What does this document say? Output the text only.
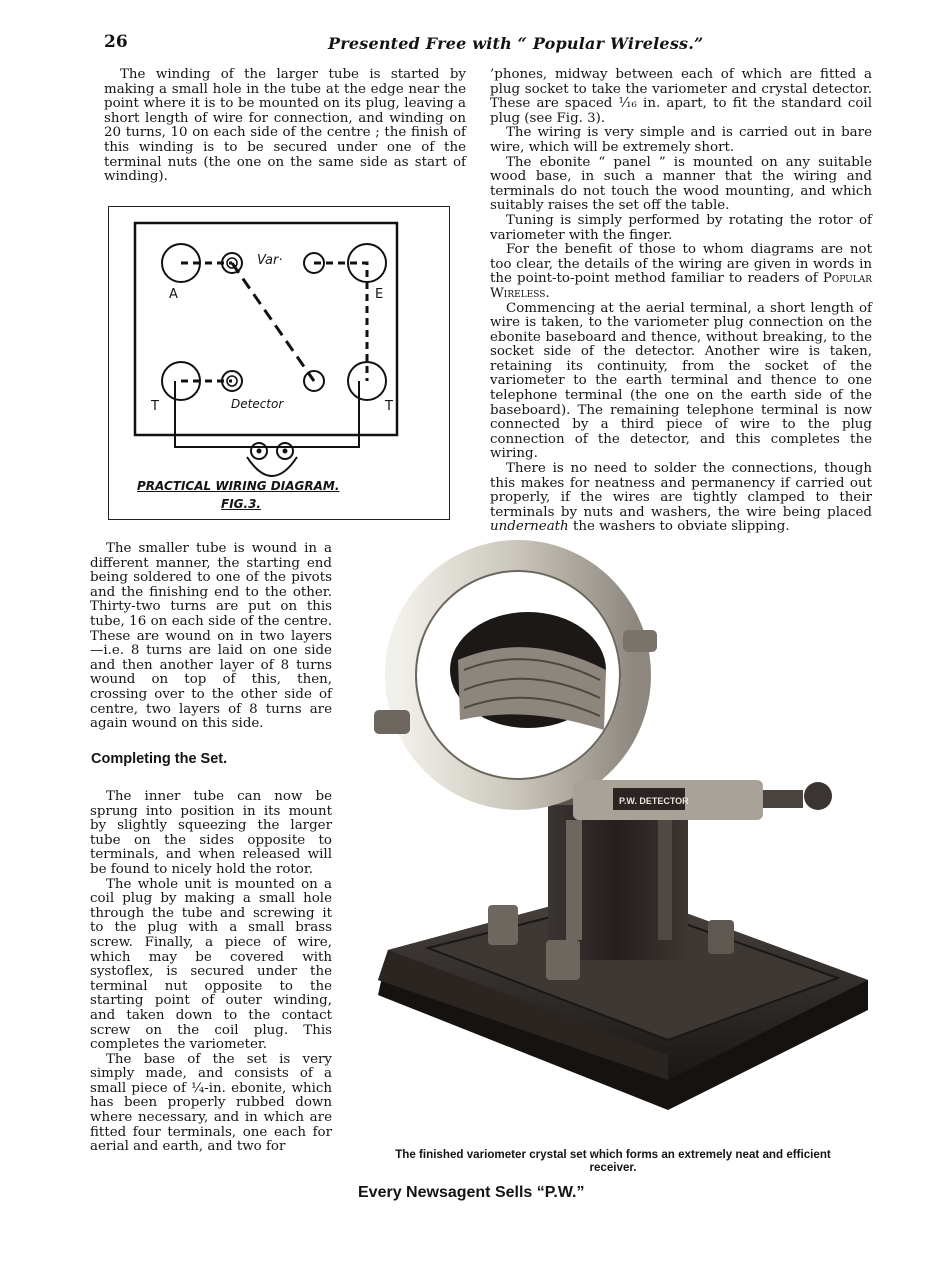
26	Presented Free with “ Popular Wireless.”

The winding of the larger tube is started by making a small hole in the tube at the edge near the point where it is to be mounted on its plug, leaving a short length of wire for connection, and winding on 20 turns, 10 on each side of the centre ; the finish of this winding is to be secured under one of the terminal nuts (the one on the same side as start of winding).

Var·
A	E
T	T
Detector
PRACTICAL WIRING DIAGRAM.
FIG.3.

The smaller tube is wound in a different manner, the starting end being soldered to one of the pivots and the finishing end to the other. Thirty-two turns are put on this tube, 16 on each side of the centre. These are wound on in two layers—i.e. 8 turns are laid on one side and then another layer of 8 turns wound on top of this, then, crossing over to the other side of centre, two layers of 8 turns are again wound on this side.

Completing the Set.

The inner tube can now be sprung into position in its mount by slightly squeezing the larger tube on the sides opposite to terminals, and when released will be found to nicely hold the rotor.

The whole unit is mounted on a coil plug by making a small hole through the tube and screwing it to the plug with a small brass screw. Finally, a piece of wire, which may be covered with systoflex, is secured under the terminal nut opposite to the starting point of outer winding, and taken down to the contact screw on the coil plug. This completes the variometer.

The base of the set is very simply made, and consists of a small piece of ¼-in. ebonite, which has been properly rubbed down where necessary, and in which are fitted four terminals, one each for aerial and earth, and two for

’phones, midway between each of which are fitted a plug socket to take the variometer and crystal detector. These are spaced ¹⁄₁₆ in. apart, to fit the standard coil plug (see Fig. 3).

The wiring is very simple and is carried out in bare wire, which will be extremely short.

The ebonite “ panel ” is mounted on any suitable wood base, in such a manner that the wiring and terminals do not touch the wood mounting, and which suitably raises the set off the table.

Tuning is simply performed by rotating the rotor of variometer with the finger.

For the benefit of those to whom diagrams are not too clear, the details of the wiring are given in words in the point-to-point method familiar to readers of Popular Wireless.

Commencing at the aerial terminal, a short length of wire is taken, to the variometer plug connection on the ebonite baseboard and thence, without breaking, to the socket side of the detector. Another wire is taken, retaining its continuity, from the socket of the variometer to the earth terminal and thence to one telephone terminal (the one on the earth side of the baseboard). The remaining telephone terminal is now connected by a third piece of wire to the plug connection of the detector, and this completes the wiring.

There is no need to solder the connections, though this makes for neatness and permanency if carried out properly, if the wires are tightly clamped to their terminals by nuts and washers, the wire being placed underneath the washers to obviate slipping.

P.W. DETECTOR
The finished variometer crystal set which forms an extremely neat and efficient receiver.
Every Newsagent Sells “P.W.”
